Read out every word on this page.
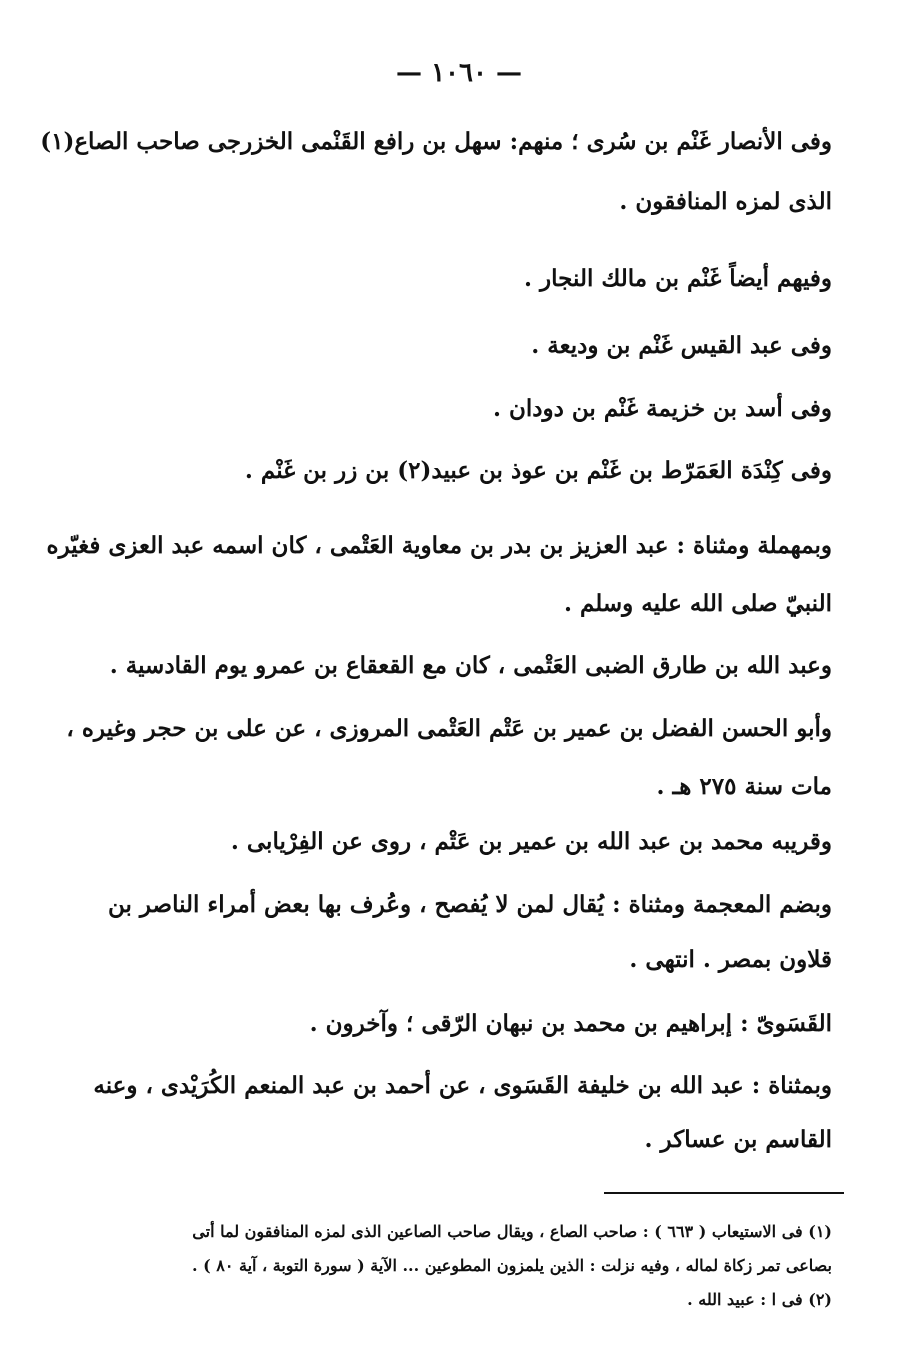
— ١٠٦٠ —
وفى الأنصار غَنْم بن سُرى ؛ منهم: سهل بن رافع القَنْمى الخزرجى صاحب الصاع(١)
الذى لمزه المنافقون .
وفيهم أيضاً غَنْم بن مالك النجار .
وفى عبد القيس غَنْم بن وديعة .
وفى أسد بن خزيمة غَنْم بن دودان .
وفى كِنْدَة العَمَرّط بن غَنْم بن عوذ بن عبيد(٢) بن زر بن غَنْم .
وبمهملة ومثناة : عبد العزيز بن بدر بن معاوية العَتْمى ، كان اسمه عبد العزى فغيّره
النبيّ صلى الله عليه وسلم .
وعبد الله بن طارق الضبى العَتْمى ، كان مع القعقاع بن عمرو يوم القادسية .
وأبو الحسن الفضل بن عمير بن عَتْم العَتْمى المروزى ، عن على بن حجر وغيره ،
مات سنة ٢٧٥ هـ .
وقريبه محمد بن عبد الله بن عمير بن عَتْم ، روى عن الفِرْيابى .
وبضم المعجمة ومثناة : يُقال لمن لا يُفصح ، وعُرف بها بعض أمراء الناصر بن
قلاون بمصر . انتهى .
القَسَوىّ : إبراهيم بن محمد بن نبهان الرّقى ؛ وآخرون .
وبمثناة : عبد الله بن خليفة القَسَوى ، عن أحمد بن عبد المنعم الكُرَيْدى ، وعنه
القاسم بن عساكر .
(١) فى الاستيعاب ( ٦٦٣ ) : صاحب الصاع ، ويقال صاحب الصاعين الذى لمزه المنافقون لما أتى
بصاعى تمر زكاة لماله ، وفيه نزلت : الذين يلمزون المطوعين ... الآية ( سورة التوبة ، آية ٨٠ ) .
(٢) فى ا : عبيد الله .
